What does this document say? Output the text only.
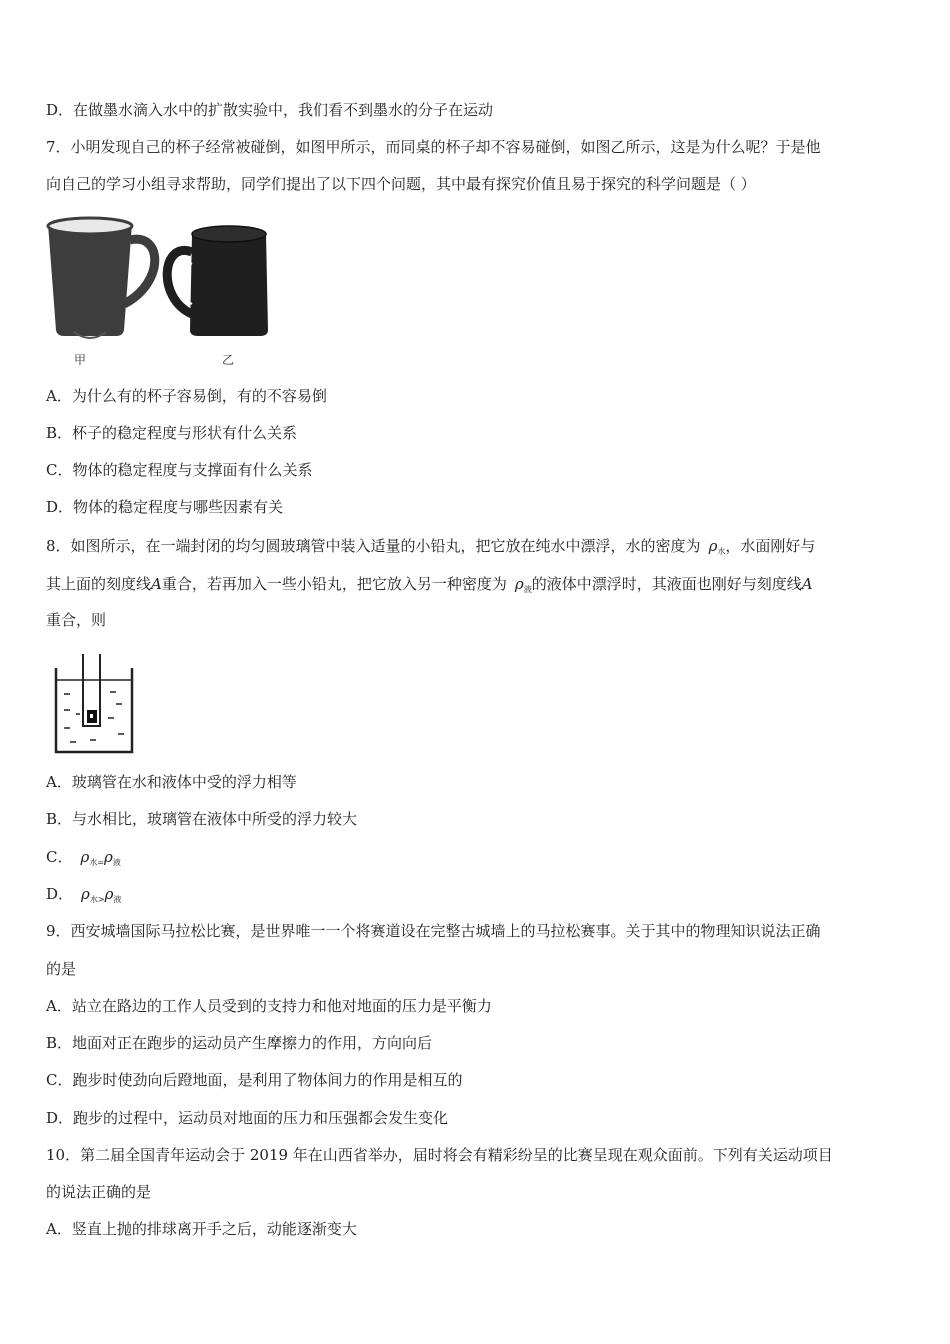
D．在做墨水滴入水中的扩散实验中，我们看不到墨水的分子在运动
7．小明发现自己的杯子经常被碰倒，如图甲所示，而同桌的杯子却不容易碰倒，如图乙所示，这是为什么呢？于是他
向自己的学习小组寻求帮助，同学们提出了以下四个问题，其中最有探究价值且易于探究的科学问题是（ ）
甲	乙
A．为什么有的杯子容易倒，有的不容易倒
B．杯子的稳定程度与形状有什么关系
C．物体的稳定程度与支撑面有什么关系
D．物体的稳定程度与哪些因素有关
8．如图所示，在一端封闭的均匀圆玻璃管中装入适量的小铅丸，把它放在纯水中漂浮，水的密度为 $\rho_水$，水面刚好与
其上面的刻度线A重合，若再加入一些小铅丸，把它放入另一种密度为 $\rho_液$的液体中漂浮时，其液面也刚好与刻度线A
重合，则
A．玻璃管在水和液体中受的浮力相等
B．与水相比，玻璃管在液体中所受的浮力较大
C． $\rho_{水=}\rho_液$
D． $\rho_{水>}\rho_液$
9．西安城墙国际马拉松比赛，是世界唯一一个将赛道设在完整古城墙上的马拉松赛事。关于其中的物理知识说法正确
的是
A．站立在路边的工作人员受到的支持力和他对地面的压力是平衡力
B．地面对正在跑步的运动员产生摩擦力的作用，方向向后
C．跑步时使劲向后蹬地面，是利用了物体间力的作用是相互的
D．跑步的过程中，运动员对地面的压力和压强都会发生变化
10．第二届全国青年运动会于 2019 年在山西省举办，届时将会有精彩纷呈的比赛呈现在观众面前。下列有关运动项目
的说法正确的是
A．竖直上抛的排球离开手之后，动能逐渐变大
